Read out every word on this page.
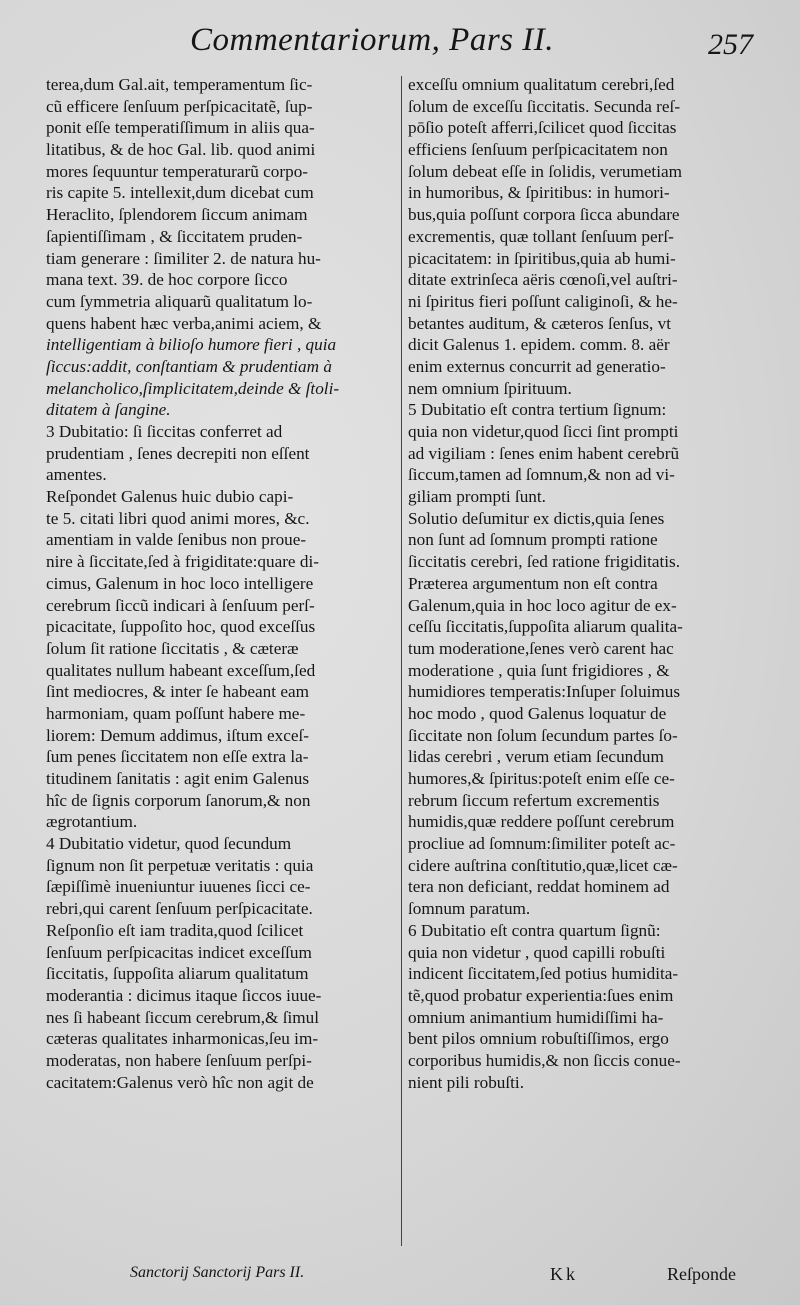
Commentariorum, Pars II.	257
terea,dum Gal.ait, temperamentum ſic-
cũ efficere ſenſuum perſpicacitatẽ, ſup-
ponit eſſe temperatiſſimum in aliis qua-
litatibus, & de hoc Gal. lib. quod animi
mores ſequuntur temperaturarũ corpo-
ris capite 5. intellexit,dum dicebat cum
Heraclito, ſplendorem ſiccum animam
ſapientiſſimam , & ſiccitatem pruden-
tiam generare : ſimiliter 2. de natura hu-
mana text. 39. de hoc corpore ſicco
cum ſymmetria aliquarũ qualitatum lo-
quens habent hæc verba,animi aciem, &
intelligentiam à bilioſo humore fieri , quia
ſiccus:addit, conſtantiam & prudentiam à
melancholico,ſimplicitatem,deinde & ſtoli-
ditatem à ſangine.
3 Dubitatio: ſi ſiccitas conferret ad
prudentiam , ſenes decrepiti non eſſent
amentes.
Reſpondet Galenus huic dubio capi-
te 5. citati libri quod animi mores, &c.
amentiam in valde ſenibus non proue-
nire à ſiccitate,ſed à frigiditate:quare di-
cimus, Galenum in hoc loco intelligere
cerebrum ſiccũ indicari à ſenſuum perſ-
picacitate, ſuppoſito hoc, quod exceſſus
ſolum ſit ratione ſiccitatis , & cæteræ
qualitates nullum habeant exceſſum,ſed
ſint mediocres, & inter ſe habeant eam
harmoniam, quam poſſunt habere me-
liorem: Demum addimus, iſtum exceſ-
ſum penes ſiccitatem non eſſe extra la-
titudinem ſanitatis : agit enim Galenus
hîc de ſignis corporum ſanorum,& non
ægrotantium.
4 Dubitatio videtur, quod ſecundum
ſignum non ſit perpetuæ veritatis : quia
ſæpiſſimè inueniuntur iuuenes ſicci ce-
rebri,qui carent ſenſuum perſpicacitate.
Reſponſio eſt iam tradita,quod ſcilicet
ſenſuum perſpicacitas indicet exceſſum
ſiccitatis, ſuppoſita aliarum qualitatum
moderantia : dicimus itaque ſiccos iuue-
nes ſi habeant ſiccum cerebrum,& ſimul
cæteras qualitates inharmonicas,ſeu im-
moderatas, non habere ſenſuum perſpi-
cacitatem:Galenus verò hîc non agit de
exceſſu omnium qualitatum cerebri,ſed
ſolum de exceſſu ſiccitatis. Secunda reſ-
pōſio poteſt afferri,ſcilicet quod ſiccitas
efficiens ſenſuum perſpicacitatem non
ſolum debeat eſſe in ſolidis, verumetiam
in humoribus, & ſpiritibus: in humori-
bus,quia poſſunt corpora ſicca abundare
excrementis, quæ tollant ſenſuum perſ-
picacitatem: in ſpiritibus,quia ab humi-
ditate extrinſeca aëris cœnoſi,vel auſtri-
ni ſpiritus fieri poſſunt caliginoſi, & he-
betantes auditum, & cæteros ſenſus, vt
dicit Galenus 1. epidem. comm. 8. aër
enim externus concurrit ad generatio-
nem omnium ſpirituum.
5 Dubitatio eſt contra tertium ſignum:
quia non videtur,quod ſicci ſint prompti
ad vigiliam : ſenes enim habent cerebrũ
ſiccum,tamen ad ſomnum,& non ad vi-
giliam prompti ſunt.
Solutio deſumitur ex dictis,quia ſenes
non ſunt ad ſomnum prompti ratione
ſiccitatis cerebri, ſed ratione frigiditatis.
Præterea argumentum non eſt contra
Galenum,quia in hoc loco agitur de ex-
ceſſu ſiccitatis,ſuppoſita aliarum qualita-
tum moderatione,ſenes verò carent hac
moderatione , quia ſunt frigidiores , &
humidiores temperatis:Inſuper ſoluimus
hoc modo , quod Galenus loquatur de
ſiccitate non ſolum ſecundum partes ſo-
lidas cerebri , verum etiam ſecundum
humores,& ſpiritus:poteſt enim eſſe ce-
rebrum ſiccum refertum excrementis
humidis,quæ reddere poſſunt cerebrum
procliue ad ſomnum:ſimiliter poteſt ac-
cidere auſtrina conſtitutio,quæ,licet cæ-
tera non deficiant, reddat hominem ad
ſomnum paratum.
6 Dubitatio eſt contra quartum ſignũ:
quia non videtur , quod capilli robuſti
indicent ſiccitatem,ſed potius humidita-
tẽ,quod probatur experientia:ſues enim
omnium animantium humidiſſimi ha-
bent pilos omnium robuſtiſſimos, ergo
corporibus humidis,& non ſiccis conue-
nient pili robuſti.
Sanctorij Sanctorij Pars II.	Kk	Reſponde
